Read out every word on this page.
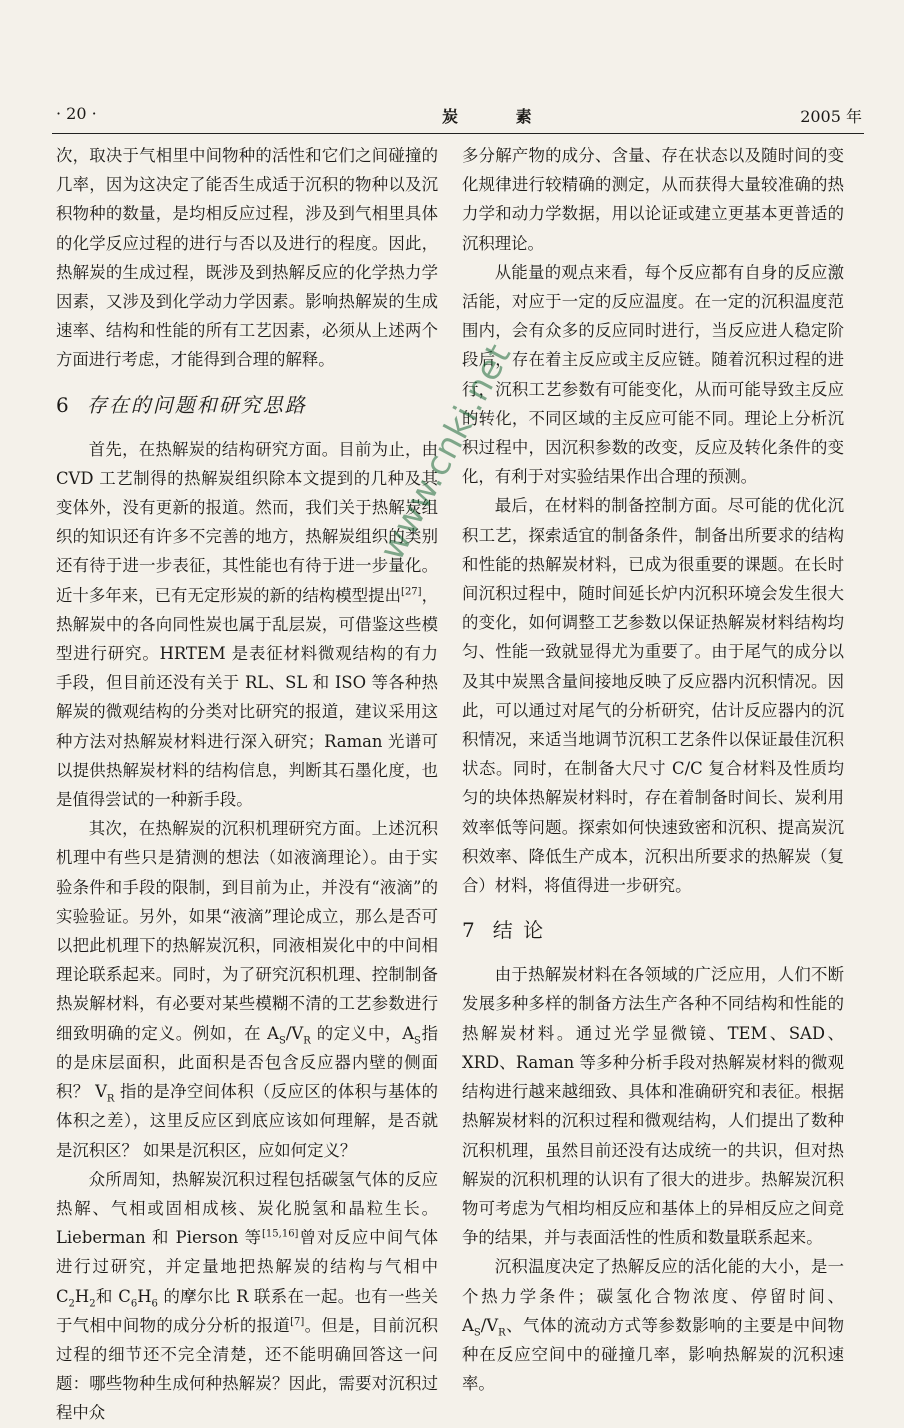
· 20 ·	炭 素	2005 年

次，取决于气相里中间物种的活性和它们之间碰撞的几率，因为这决定了能否生成适于沉积的物种以及沉积物种的数量，是均相反应过程，涉及到气相里具体的化学反应过程的进行与否以及进行的程度。因此，热解炭的生成过程，既涉及到热解反应的化学热力学因素，又涉及到化学动力学因素。影响热解炭的生成速率、结构和性能的所有工艺因素，必须从上述两个方面进行考虑，才能得到合理的解释。

6 存在的问题和研究思路

首先，在热解炭的结构研究方面。目前为止，由CVD 工艺制得的热解炭组织除本文提到的几种及其变体外，没有更新的报道。然而，我们关于热解炭组织的知识还有许多不完善的地方，热解炭组织的类别还有待于进一步表征，其性能也有待于进一步量化。近十多年来，已有无定形炭的新的结构模型提出[27]，热解炭中的各向同性炭也属于乱层炭，可借鉴这些模型进行研究。HRTEM 是表征材料微观结构的有力手段，但目前还没有关于 RL、SL 和 ISO 等各种热解炭的微观结构的分类对比研究的报道，建议采用这种方法对热解炭材料进行深入研究；Raman 光谱可以提供热解炭材料的结构信息，判断其石墨化度，也是值得尝试的一种新手段。

其次，在热解炭的沉积机理研究方面。上述沉积机理中有些只是猜测的想法（如液滴理论）。由于实验条件和手段的限制，到目前为止，并没有“液滴”的实验验证。另外，如果“液滴”理论成立，那么是否可以把此机理下的热解炭沉积，同液相炭化中的中间相理论联系起来。同时，为了研究沉积机理、控制制备热炭解材料，有必要对某些模糊不清的工艺参数进行细致明确的定义。例如，在 $A_S/V_R$ 的定义中，$A_S$指的是床层面积，此面积是否包含反应器内壁的侧面积？ $V_R$ 指的是净空间体积（反应区的体积与基体的体积之差），这里反应区到底应该如何理解，是否就是沉积区？ 如果是沉积区，应如何定义？

众所周知，热解炭沉积过程包括碳氢气体的反应热解、气相或固相成核、炭化脱氢和晶粒生长。Lieberman 和 Pierson 等[15,16]曾对反应中间气体进行过研究，并定量地把热解炭的结构与气相中 $C_2H_2$和 $C_6H_6$ 的摩尔比 R 联系在一起。也有一些关于气相中间物的成分分析的报道[7]。但是，目前沉积过程的细节还不完全清楚，还不能明确回答这一问题：哪些物种生成何种热解炭？因此，需要对沉积过程中众

多分解产物的成分、含量、存在状态以及随时间的变化规律进行较精确的测定，从而获得大量较准确的热力学和动力学数据，用以论证或建立更基本更普适的沉积理论。

从能量的观点来看，每个反应都有自身的反应激活能，对应于一定的反应温度。在一定的沉积温度范围内，会有众多的反应同时进行，当反应进人稳定阶段后，存在着主反应或主反应链。随着沉积过程的进行，沉积工艺参数有可能变化，从而可能导致主反应的转化，不同区域的主反应可能不同。理论上分析沉积过程中，因沉积参数的改变，反应及转化条件的变化，有利于对实验结果作出合理的预测。

最后，在材料的制备控制方面。尽可能的优化沉积工艺，探索适宜的制备条件，制备出所要求的结构和性能的热解炭材料，已成为很重要的课题。在长时间沉积过程中，随时间延长炉内沉积环境会发生很大的变化，如何调整工艺参数以保证热解炭材料结构均匀、性能一致就显得尤为重要了。由于尾气的成分以及其中炭黑含量间接地反映了反应器内沉积情况。因此，可以通过对尾气的分析研究，估计反应器内的沉积情况，来适当地调节沉积工艺条件以保证最佳沉积状态。同时，在制备大尺寸 C/C 复合材料及性质均匀的块体热解炭材料时，存在着制备时间长、炭利用效率低等问题。探索如何快速致密和沉积、提高炭沉积效率、降低生产成本，沉积出所要求的热解炭（复合）材料，将值得进一步研究。

7 结 论

由于热解炭材料在各领域的广泛应用，人们不断发展多种多样的制备方法生产各种不同结构和性能的热解炭材料。通过光学显微镜、TEM、SAD、XRD、Raman 等多种分析手段对热解炭材料的微观结构进行越来越细致、具体和准确研究和表征。根据热解炭材料的沉积过程和微观结构，人们提出了数种沉积机理，虽然目前还没有达成统一的共识，但对热解炭的沉积机理的认识有了很大的进步。热解炭沉积物可考虑为气相均相反应和基体上的异相反应之间竞争的结果，并与表面活性的性质和数量联系起来。

沉积温度决定了热解反应的活化能的大小，是一个热力学条件；碳氢化合物浓度、停留时间、$A_S/V_R$、气体的流动方式等参数影响的主要是中间物种在反应空间中的碰撞几率，影响热解炭的沉积速率。

www.cnki.net
